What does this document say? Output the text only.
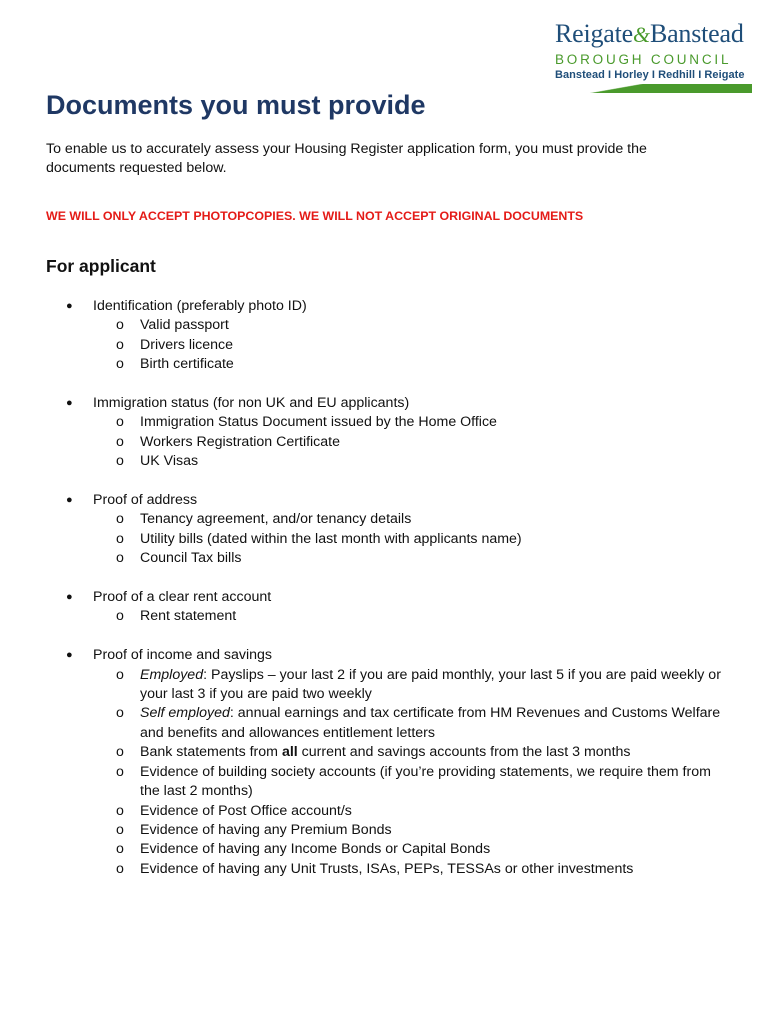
Reigate&Banstead
BOROUGH COUNCIL
Banstead I Horley I Redhill I Reigate
Documents you must provide

To enable us to accurately assess your Housing Register application form, you must provide the documents requested below.

WE WILL ONLY ACCEPT PHOTOPCOPIES. WE WILL NOT ACCEPT ORIGINAL DOCUMENTS

For applicant
●	Identification (preferably photo ID)
o Valid passport
o Drivers licence
o Birth certificate
●	Immigration status (for non UK and EU applicants)
o Immigration Status Document issued by the Home Office
o Workers Registration Certificate
o UK Visas
●	Proof of address
o Tenancy agreement, and/or tenancy details
o Utility bills (dated within the last month with applicants name)
o Council Tax bills
●	Proof of a clear rent account
o Rent statement
●	Proof of income and savings
o Employed: Payslips – your last 2 if you are paid monthly, your last 5 if you are paid weekly or your last 3 if you are paid two weekly
o Self employed: annual earnings and tax certificate from HM Revenues and Customs Welfare and benefits and allowances entitlement letters
o Bank statements from all current and savings accounts from the last 3 months
o Evidence of building society accounts (if you’re providing statements, we require them from the last 2 months)
o Evidence of Post Office account/s
o Evidence of having any Premium Bonds
o Evidence of having any Income Bonds or Capital Bonds
o Evidence of having any Unit Trusts, ISAs, PEPs, TESSAs or other investments
